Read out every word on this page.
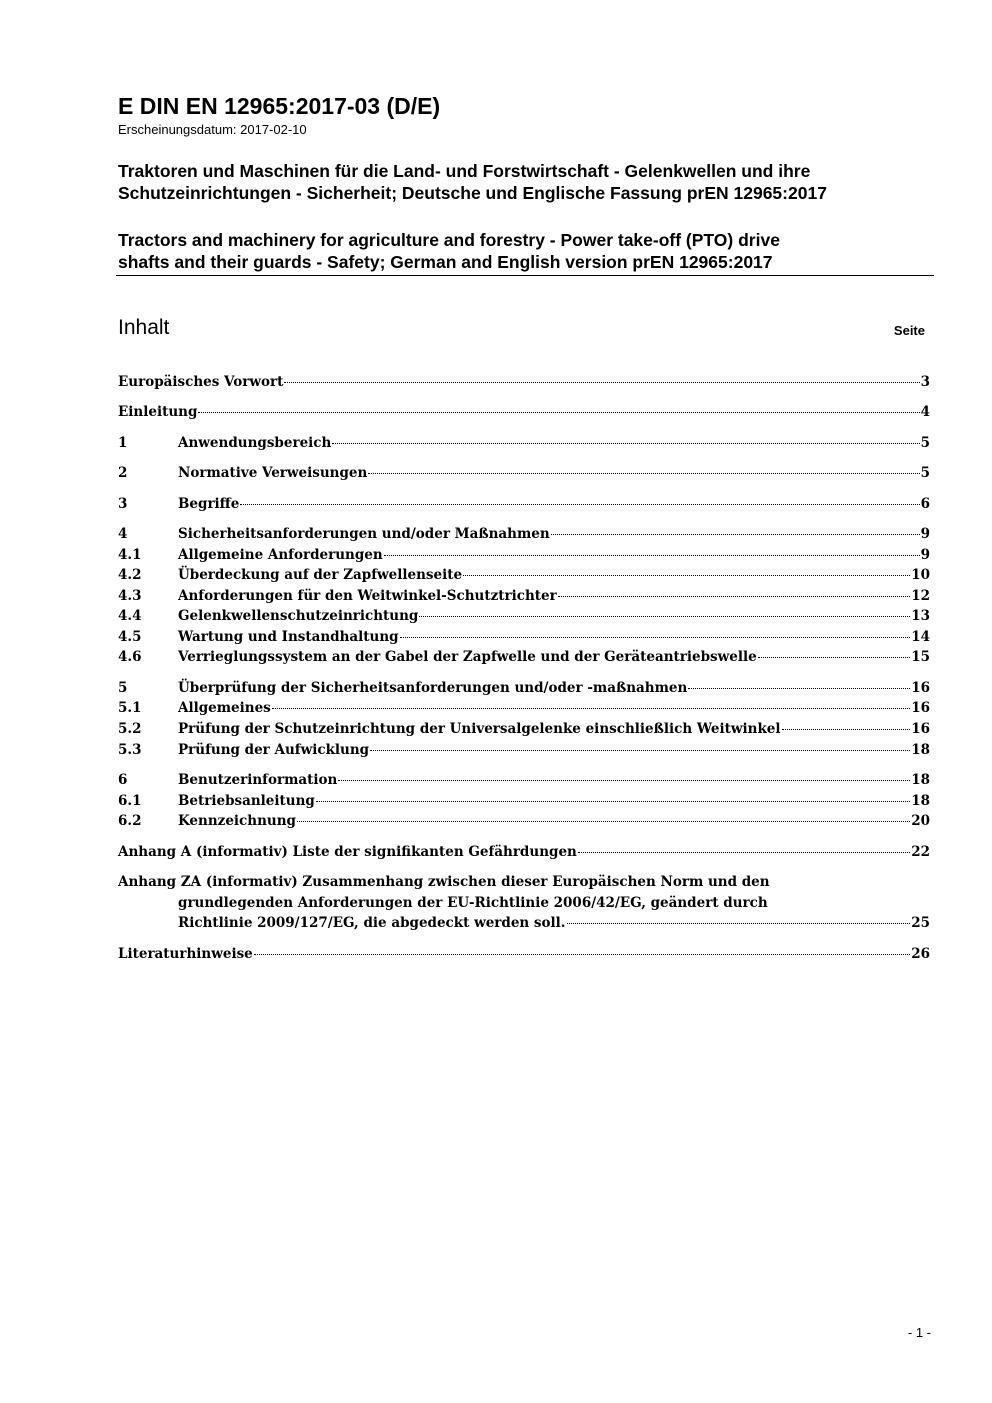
E DIN EN 12965:2017-03 (D/E)
Erscheinungsdatum: 2017-02-10
Traktoren und Maschinen für die Land- und Forstwirtschaft - Gelenkwellen und ihre
Schutzeinrichtungen - Sicherheit; Deutsche und Englische Fassung prEN 12965:2017
Tractors and machinery for agriculture and forestry - Power take-off (PTO) drive
shafts and their guards - Safety; German and English version prEN 12965:2017
Inhalt	Seite
Europäisches Vorwort	3
Einleitung	4
1	Anwendungsbereich	5
2	Normative Verweisungen	5
3	Begriffe	6
4	Sicherheitsanforderungen und/oder Maßnahmen	9
4.1	Allgemeine Anforderungen	9
4.2	Überdeckung auf der Zapfwellenseite	10
4.3	Anforderungen für den Weitwinkel-Schutztrichter	12
4.4	Gelenkwellenschutzeinrichtung	13
4.5	Wartung und Instandhaltung	14
4.6	Verrieglungssystem an der Gabel der Zapfwelle und der Geräteantriebswelle	15
5	Überprüfung der Sicherheitsanforderungen und/oder -maßnahmen	16
5.1	Allgemeines	16
5.2	Prüfung der Schutzeinrichtung der Universalgelenke einschließlich Weitwinkel	16
5.3	Prüfung der Aufwicklung	18
6	Benutzerinformation	18
6.1	Betriebsanleitung	18
6.2	Kennzeichnung	20
Anhang A (informativ) Liste der signifikanten Gefährdungen	22
Anhang ZA (informativ) Zusammenhang zwischen dieser Europäischen Norm und den
grundlegenden Anforderungen der EU-Richtlinie 2006/42/EG, geändert durch
Richtlinie 2009/127/EG, die abgedeckt werden soll.	25
Literaturhinweise	26
- 1 -
